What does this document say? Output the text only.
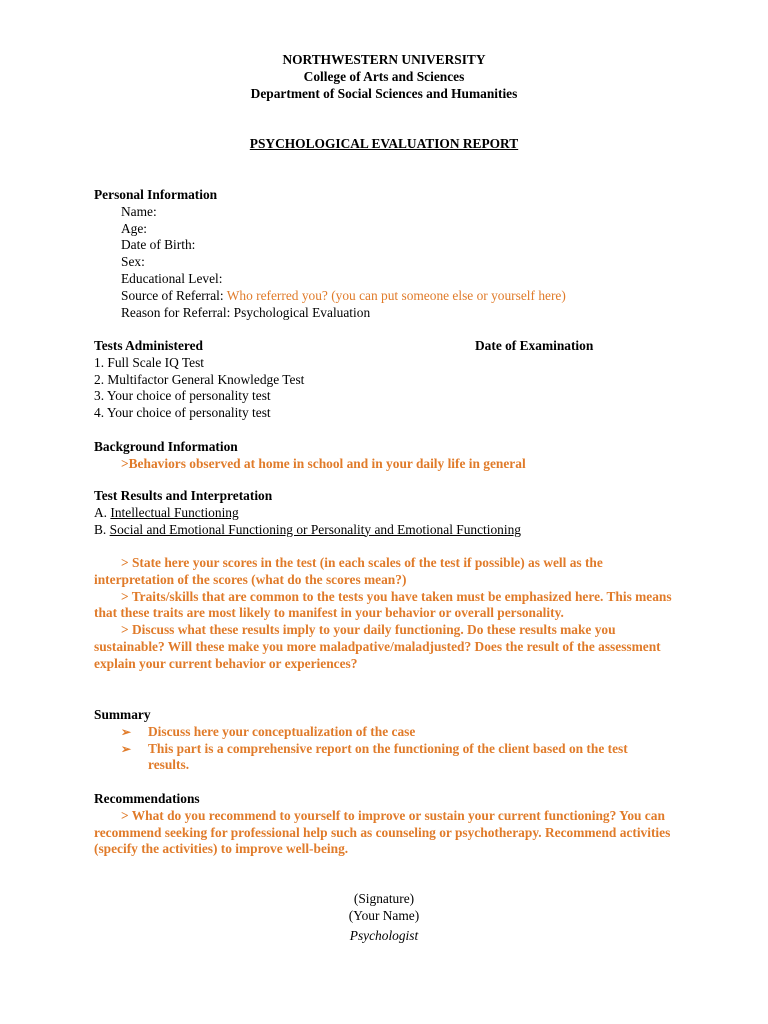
NORTHWESTERN UNIVERSITY
College of Arts and Sciences
Department of Social Sciences and Humanities
PSYCHOLOGICAL EVALUATION REPORT
Personal Information
Name:
Age:
Date of Birth:
Sex:
Educational Level:
Source of Referral: Who referred you? (you can put someone else or yourself here)
Reason for Referral: Psychological Evaluation
Tests Administered
1. Full Scale IQ Test
2. Multifactor General Knowledge Test
3. Your choice of personality test
4. Your choice of personality test
Date of Examination
Background Information
>Behaviors observed at home in school and in your daily life in general
Test Results and Interpretation
A. Intellectual Functioning
B. Social and Emotional Functioning or Personality and Emotional Functioning
> State here your scores in the test (in each scales of the test if possible) as well as the interpretation of the scores (what do the scores mean?)
> Traits/skills that are common to the tests you have taken must be emphasized here. This means that these traits are most likely to manifest in your behavior or overall personality.
> Discuss what these results imply to your daily functioning. Do these results make you sustainable? Will these make you more maladpative/maladjusted? Does the result of the assessment explain your current behavior or experiences?
Summary
➢ Discuss here your conceptualization of the case
➢ This part is a comprehensive report on the functioning of the client based on the test results.
Recommendations
> What do you recommend to yourself to improve or sustain your current functioning? You can recommend seeking for professional help such as counseling or psychotherapy. Recommend activities (specify the activities) to improve well-being.
(Signature)
(Your Name)
Psychologist
